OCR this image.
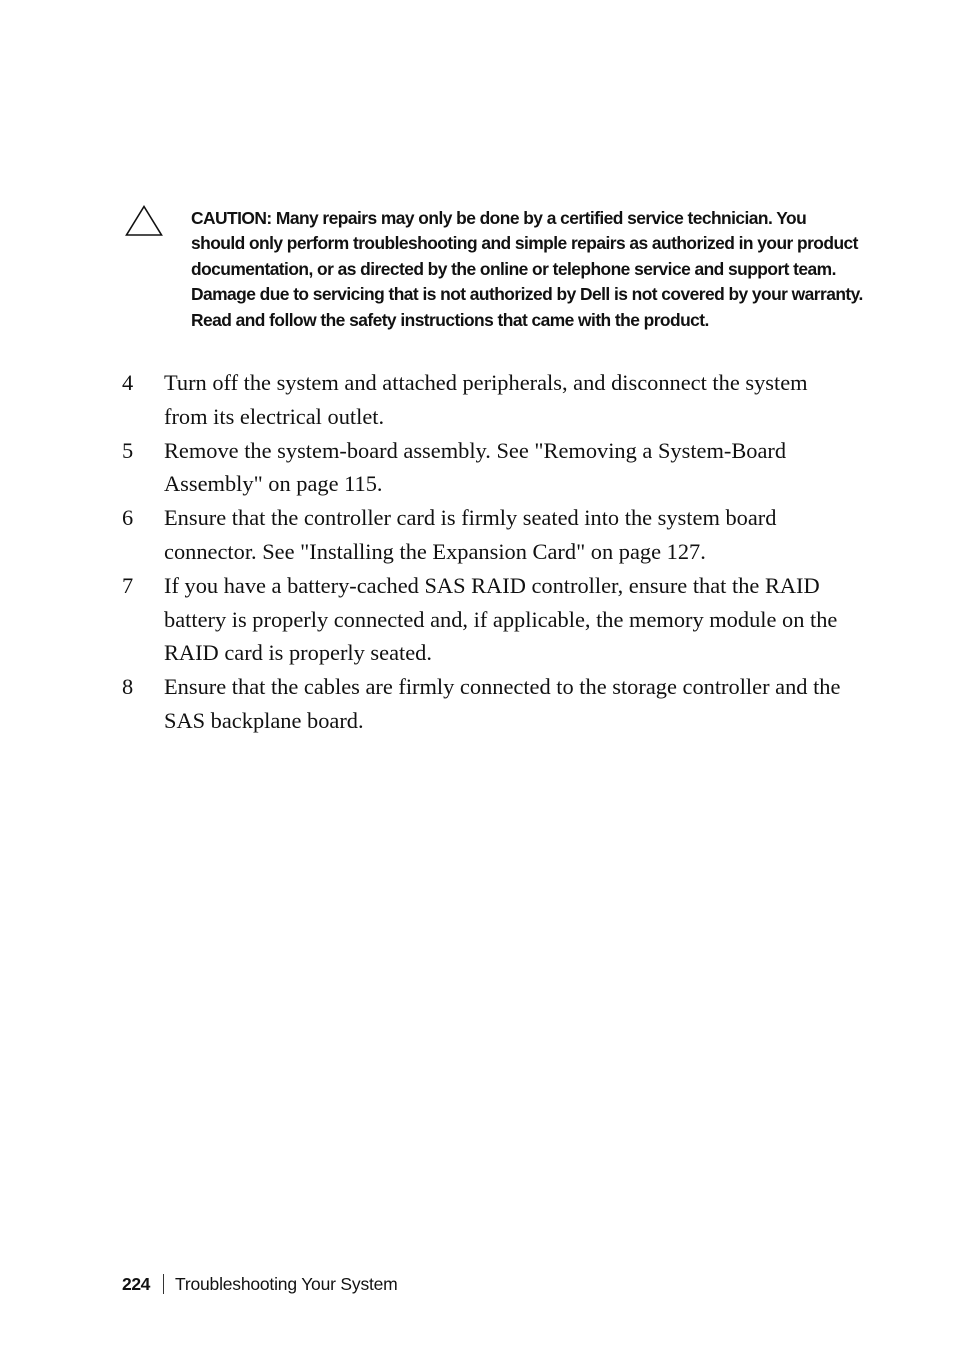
CAUTION: Many repairs may only be done by a certified service technician. You should only perform troubleshooting and simple repairs as authorized in your product documentation, or as directed by the online or telephone service and support team. Damage due to servicing that is not authorized by Dell is not covered by your warranty. Read and follow the safety instructions that came with the product.

4	Turn off the system and attached peripherals, and disconnect the system from its electrical outlet.
5	Remove the system-board assembly. See "Removing a System-Board Assembly" on page 115.
6	Ensure that the controller card is firmly seated into the system board connector. See "Installing the Expansion Card" on page 127.
7	If you have a battery-cached SAS RAID controller, ensure that the RAID battery is properly connected and, if applicable, the memory module on the RAID card is properly seated.
8	Ensure that the cables are firmly connected to the storage controller and the SAS backplane board.
224 Troubleshooting Your System
